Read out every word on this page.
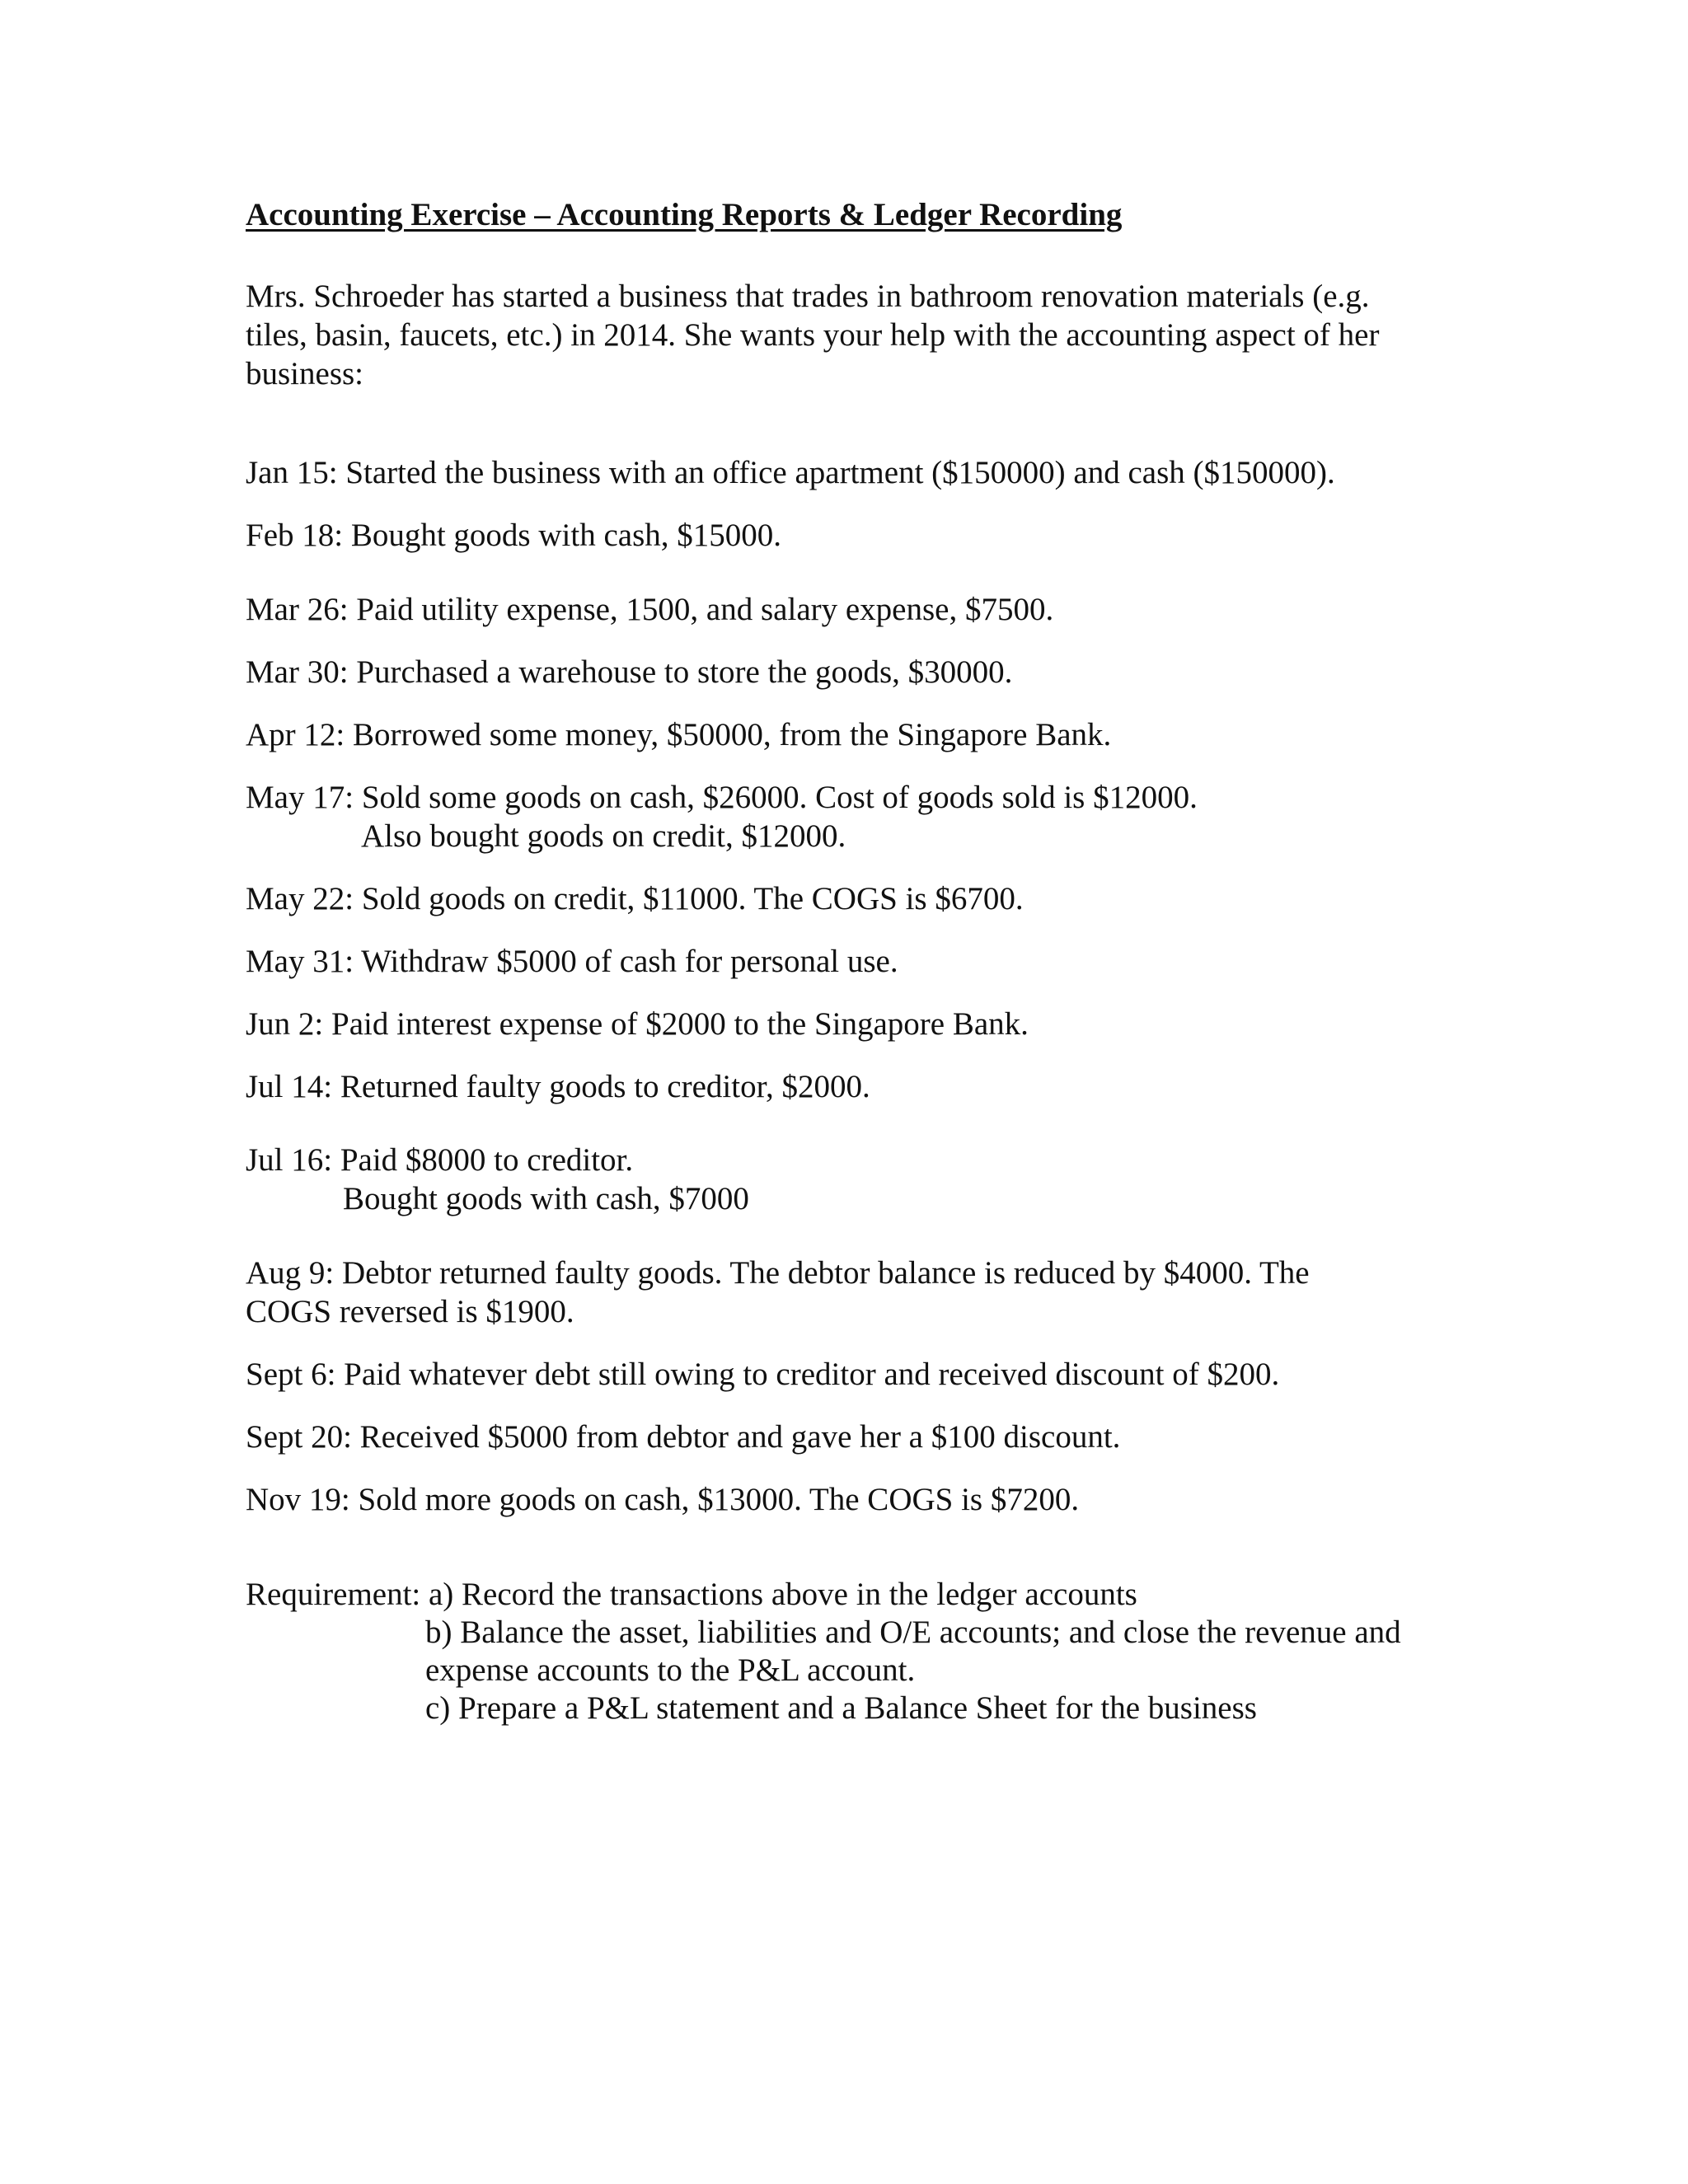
Accounting Exercise – Accounting Reports & Ledger Recording
Mrs. Schroeder has started a business that trades in bathroom renovation materials (e.g.
tiles, basin, faucets, etc.) in 2014. She wants your help with the accounting aspect of her
business:

Jan 15: Started the business with an office apartment ($150000) and cash ($150000).

Feb 18: Bought goods with cash, $15000.

Mar 26: Paid utility expense, 1500, and salary expense, $7500.

Mar 30: Purchased a warehouse to store the goods, $30000.

Apr 12: Borrowed some money, $50000, from the Singapore Bank.

May 17: Sold some goods on cash, $26000. Cost of goods sold is $12000.

Also bought goods on credit, $12000.

May 22: Sold goods on credit, $11000. The COGS is $6700.

May 31: Withdraw $5000 of cash for personal use.

Jun 2: Paid interest expense of $2000 to the Singapore Bank.

Jul 14: Returned faulty goods to creditor, $2000.

Jul 16: Paid $8000 to creditor.

Bought goods with cash, $7000

Aug 9: Debtor returned faulty goods. The debtor balance is reduced by $4000. The

COGS reversed is $1900.

Sept 6: Paid whatever debt still owing to creditor and received discount of $200.

Sept 20: Received $5000 from debtor and gave her a $100 discount.

Nov 19: Sold more goods on cash, $13000. The COGS is $7200.

Requirement: a) Record the transactions above in the ledger accounts
b) Balance the asset, liabilities and O/E accounts; and close the revenue and
expense accounts to the P&L account.
c) Prepare a P&L statement and a Balance Sheet for the business
